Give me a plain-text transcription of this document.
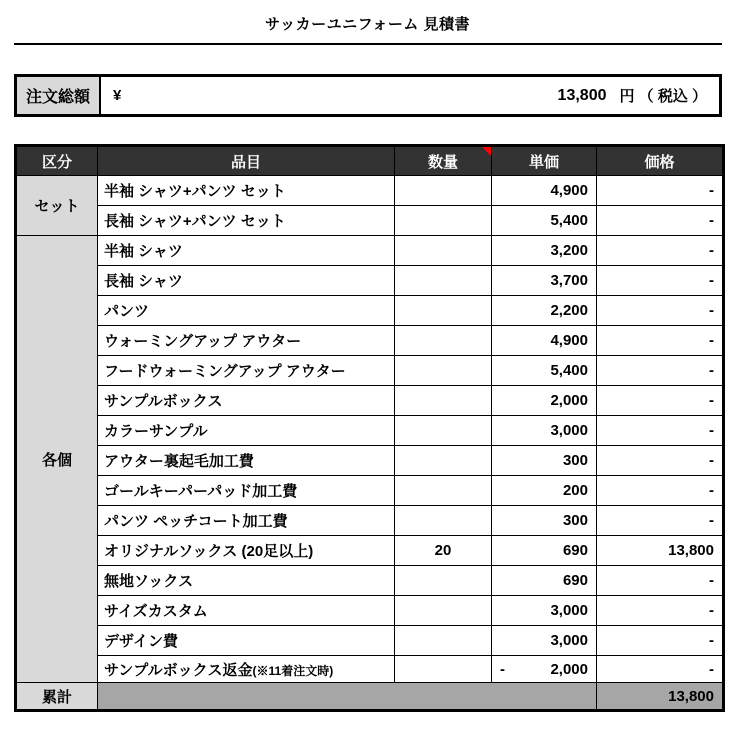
サッカーユニフォーム 見積書
注文総額	¥	13,800 円 （ 税込 ）
区分	品目	数量	単価	価格
セット	半袖 シャツ+パンツ セット		4,900	-
	長袖 シャツ+パンツ セット		5,400	-
各個	半袖 シャツ		3,200	-
	長袖 シャツ		3,700	-
	パンツ		2,200	-
	ウォーミングアップ アウター		4,900	-
	フードウォーミングアップ アウター		5,400	-
	サンプルボックス		2,000	-
	カラーサンプル		3,000	-
	アウター裏起毛加工費		300	-
	ゴールキーパーパッド加工費		200	-
	パンツ ペッチコート加工費		300	-
	オリジナルソックス (20足以上)	20	690	13,800
	無地ソックス		690	-
	サイズカスタム		3,000	-
	デザイン費		3,000	-
	サンプルボックス返金(※11着注文時)		- 2,000	-
累計				13,800
